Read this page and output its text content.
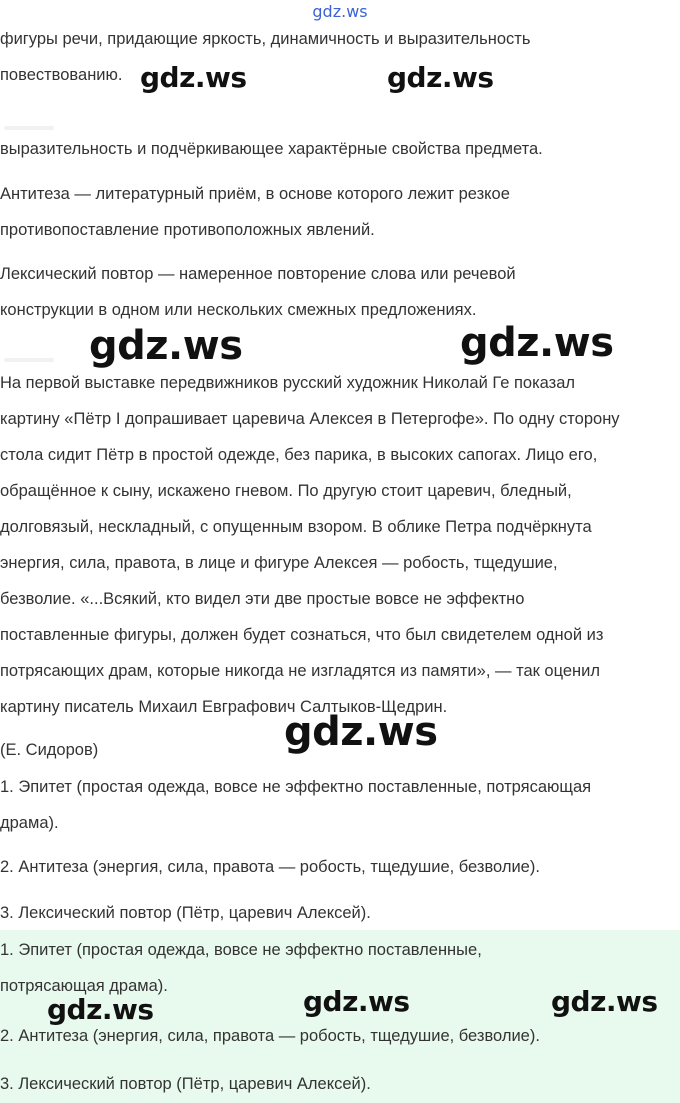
gdz.ws

фигуры речи, придающие яркость, динамичность и выразительность

повествованию.

выразительность и подчёркивающее характёрные свойства предмета.

Антитеза — литературный приём, в основе которого лежит резкое
противопоставление противоположных явлений.

Лексический повтор — намеренное повторение слова или речевой
конструкции в одном или нескольких смежных предложениях.

На первой выставке передвижников русский художник Николай Ге показал
картину «Пётр I допрашивает царевича Алексея в Петергофе». По одну сторону
стола сидит Пётр в простой одежде, без парика, в высоких сапогах. Лицо его,
обращённое к сыну, искажено гневом. По другую стоит царевич, бледный,
долговязый, нескладный, с опущенным взором. В облике Петра подчёркнута
энергия, сила, правота, в лице и фигуре Алексея — робость, тщедушие,
безволие. «...Всякий, кто видел эти две простые вовсе не эффектно
поставленные фигуры, должен будет сознаться, что был свидетелем одной из
потрясающих драм, которые никогда не изгладятся из памяти», — так оценил
картину писатель Михаил Евграфович Салтыков-Щедрин.

(Е. Сидоров)

1. Эпитет (простая одежда, вовсе не эффектно поставленные, потрясающая
драма).

2. Антитеза (энергия, сила, правота — робость, тщедушие, безволие).

3. Лексический повтор (Пётр, царевич Алексей).

1. Эпитет (простая одежда, вовсе не эффектно поставленные,
потрясающая драма).

2. Антитеза (энергия, сила, правота — робость, тщедушие, безволие).

3. Лексический повтор (Пётр, царевич Алексей).

gdz.ws	gdz.ws
gdz.ws	gdz.ws
gdz.ws
gdz.ws	gdz.ws	gdz.ws
